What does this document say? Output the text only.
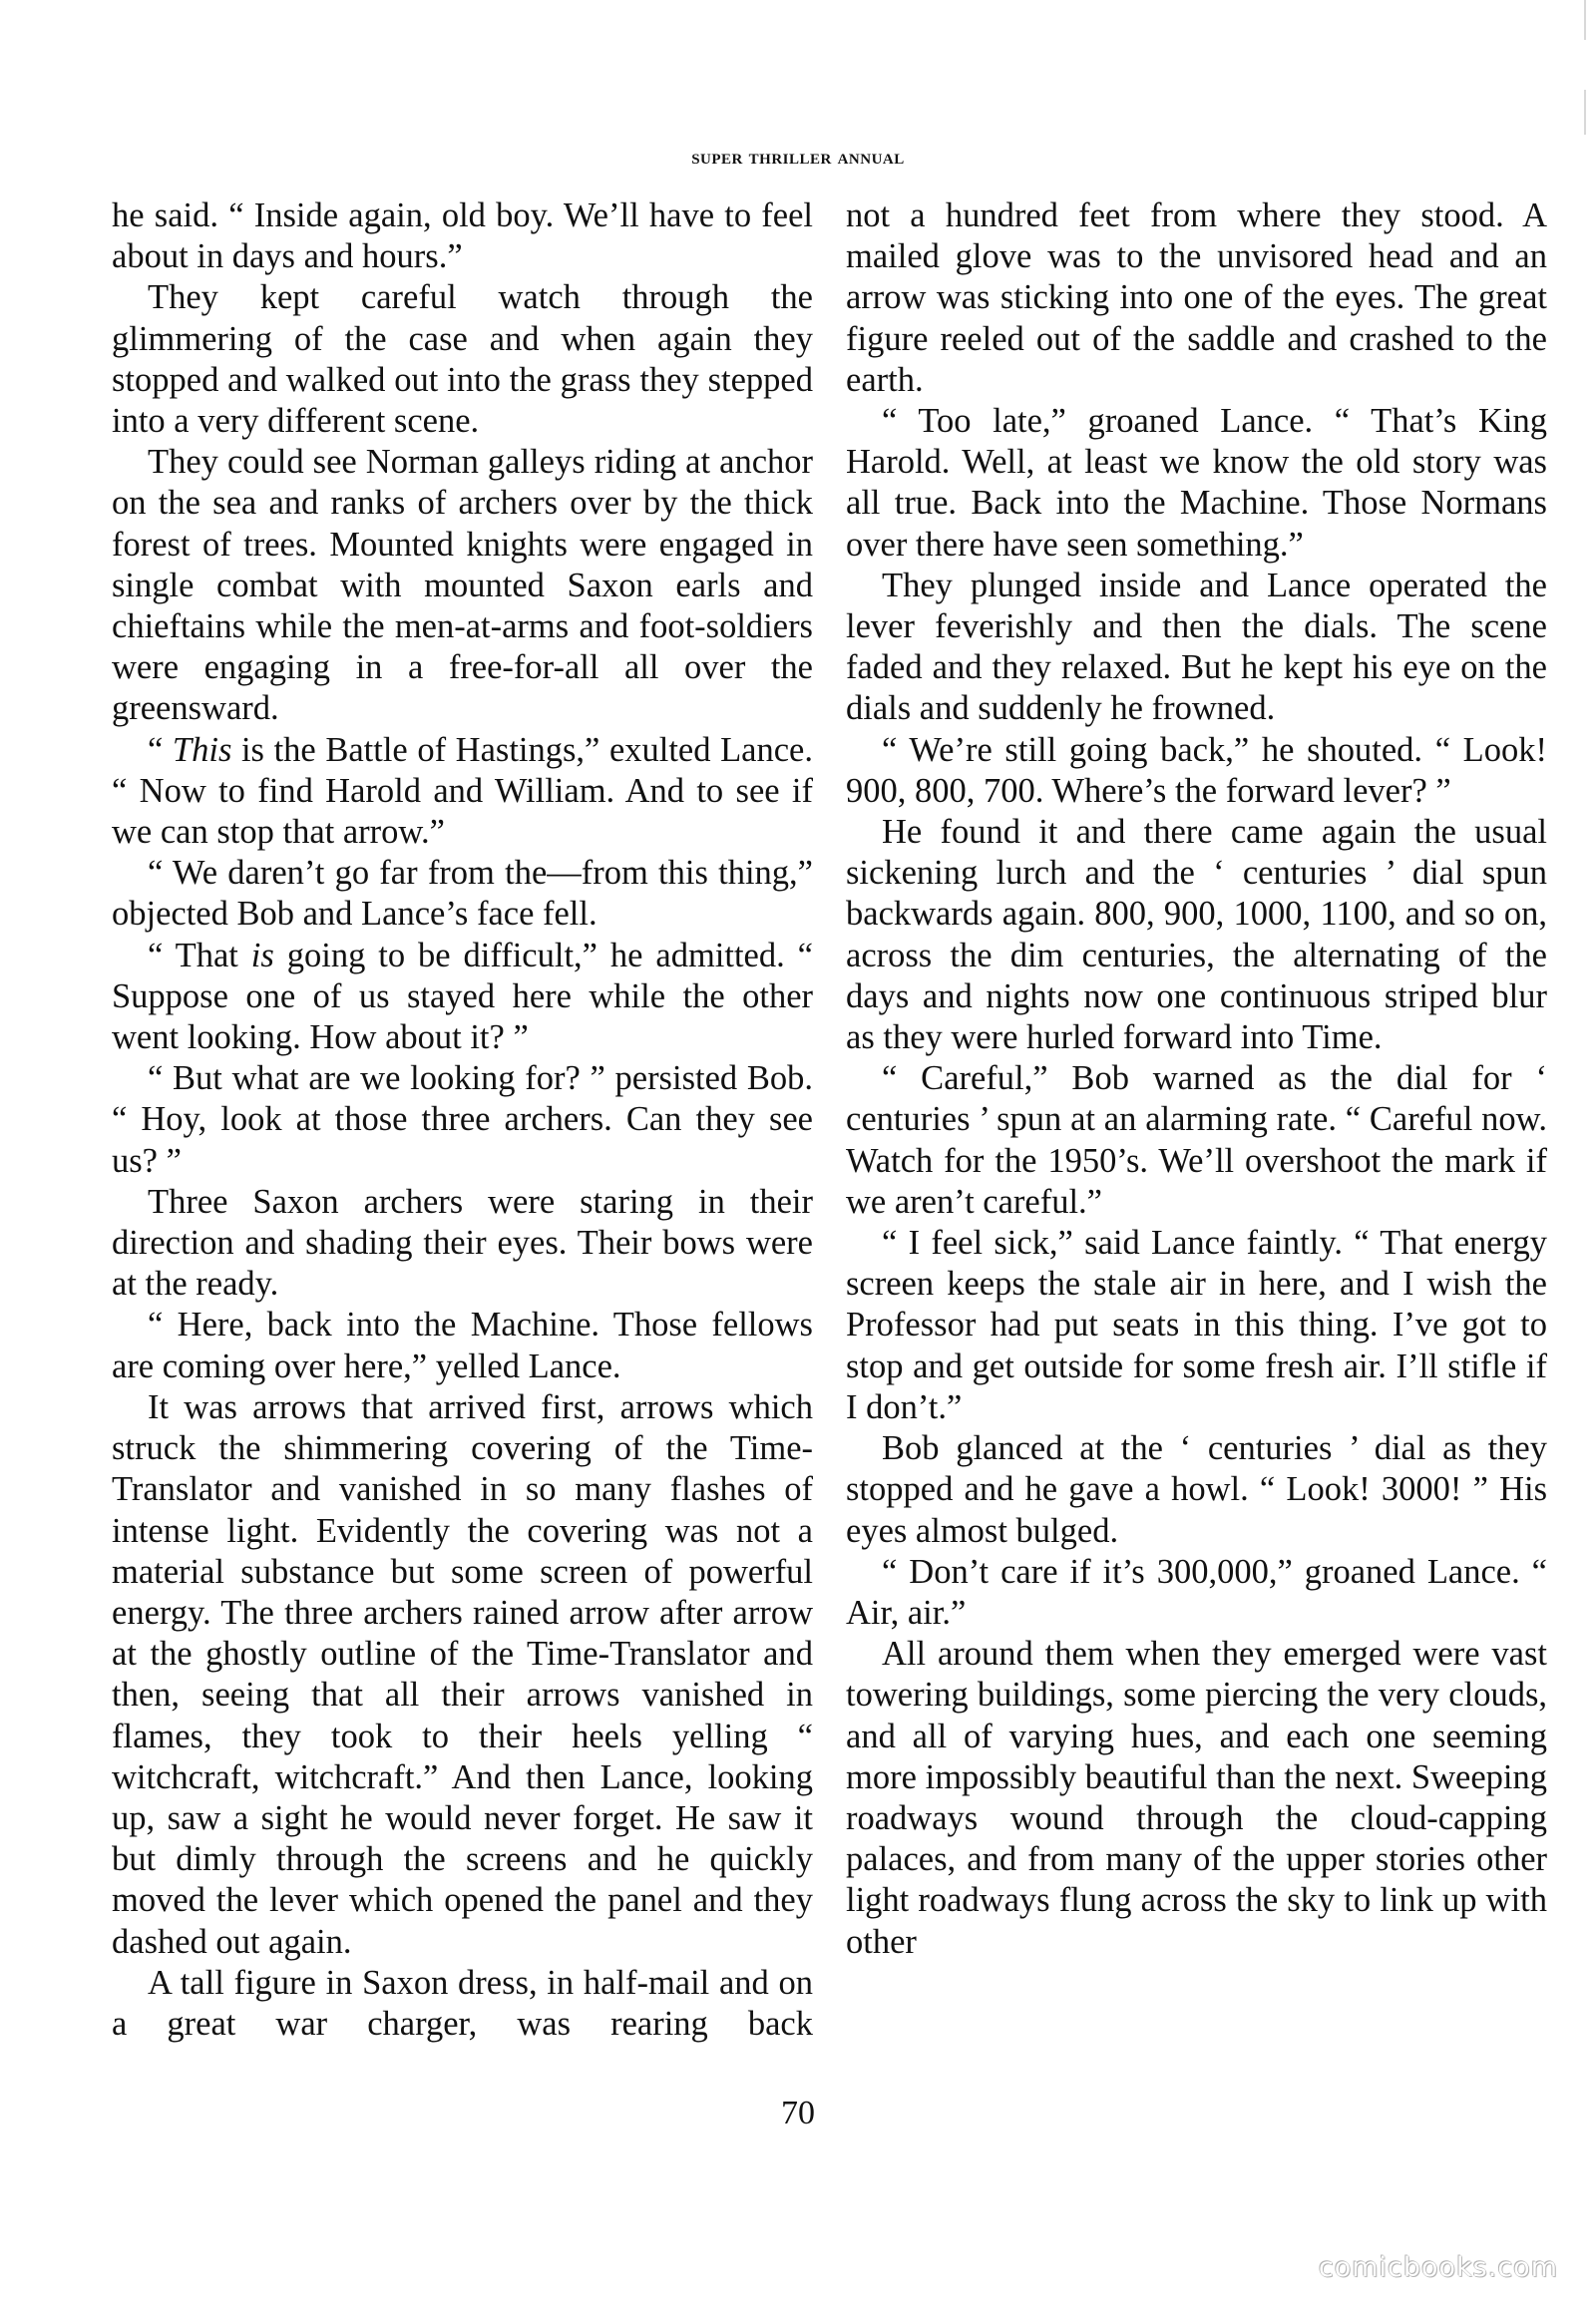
super thriller annual

he said. “ Inside again, old boy. We’ll have to feel about in days and hours.”

They kept careful watch through the glimmering of the case and when again they stopped and walked out into the grass they stepped into a very different scene.

They could see Norman galleys riding at anchor on the sea and ranks of archers over by the thick forest of trees. Mounted knights were engaged in single combat with mounted Saxon earls and chieftains while the men-at-arms and foot-soldiers were engaging in a free-for-all all over the greensward.

“ This is the Battle of Hastings,” exulted Lance. “ Now to find Harold and William. And to see if we can stop that arrow.”

“ We daren’t go far from the—from this thing,” objected Bob and Lance’s face fell.

“ That is going to be difficult,” he admitted. “ Suppose one of us stayed here while the other went looking. How about it? ”

“ But what are we looking for? ” persisted Bob. “ Hoy, look at those three archers. Can they see us? ”

Three Saxon archers were staring in their direction and shading their eyes. Their bows were at the ready.

“ Here, back into the Machine. Those fellows are coming over here,” yelled Lance.

It was arrows that arrived first, arrows which struck the shimmering covering of the Time-Translator and vanished in so many flashes of intense light. Evidently the covering was not a material substance but some screen of powerful energy. The three archers rained arrow after arrow at the ghostly outline of the Time-Translator and then, seeing that all their arrows vanished in flames, they took to their heels yelling “ witchcraft, witchcraft.” And then Lance, looking up, saw a sight he would never forget. He saw it but dimly through the screens and he quickly moved the lever which opened the panel and they dashed out again.

A tall figure in Saxon dress, in half-mail and on a great war charger, was rearing back

not a hundred feet from where they stood. A mailed glove was to the unvisored head and an arrow was sticking into one of the eyes. The great figure reeled out of the saddle and crashed to the earth.

“ Too late,” groaned Lance. “ That’s King Harold. Well, at least we know the old story was all true. Back into the Machine. Those Normans over there have seen something.”

They plunged inside and Lance operated the lever feverishly and then the dials. The scene faded and they relaxed. But he kept his eye on the dials and suddenly he frowned.

“ We’re still going back,” he shouted. “ Look! 900, 800, 700. Where’s the forward lever? ”

He found it and there came again the usual sickening lurch and the ‘ centuries ’ dial spun backwards again. 800, 900, 1000, 1100, and so on, across the dim centuries, the alternating of the days and nights now one continuous striped blur as they were hurled forward into Time.

“ Careful,” Bob warned as the dial for ‘ centuries ’ spun at an alarming rate. “ Careful now. Watch for the 1950’s. We’ll overshoot the mark if we aren’t careful.”

“ I feel sick,” said Lance faintly. “ That energy screen keeps the stale air in here, and I wish the Professor had put seats in this thing. I’ve got to stop and get outside for some fresh air. I’ll stifle if I don’t.”

Bob glanced at the ‘ centuries ’ dial as they stopped and he gave a howl. “ Look! 3000! ” His eyes almost bulged.

“ Don’t care if it’s 300,000,” groaned Lance. “ Air, air.”

All around them when they emerged were vast towering buildings, some piercing the very clouds, and all of varying hues, and each one seeming more impossibly beautiful than the next. Sweeping roadways wound through the cloud-capping palaces, and from many of the upper stories other light roadways flung across the sky to link up with other

70
comicbooks.com
